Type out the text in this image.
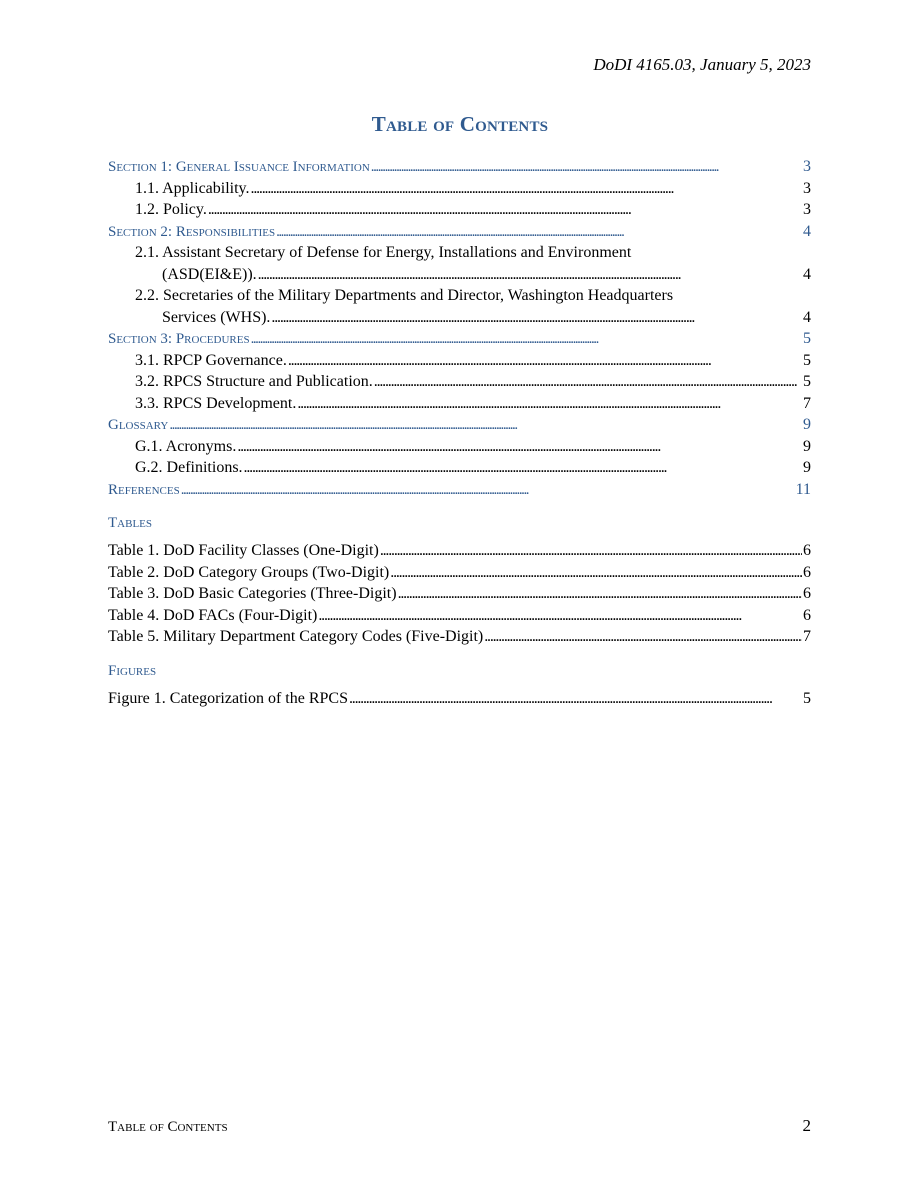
DoDI 4165.03, January 5, 2023
Table of Contents
Section 1: General Issuance Information . . .	3
1.1. Applicability. . . .	3
1.2. Policy. . . .	3
Section 2: Responsibilities . . .	4
2.1. Assistant Secretary of Defense for Energy, Installations and Environment
(ASD(EI&E)). . . .	4
2.2. Secretaries of the Military Departments and Director, Washington Headquarters
Services (WHS). . . .	4
Section 3: Procedures . . .	5
3.1. RPCP Governance. . . .	5
3.2. RPCS Structure and Publication. . . .	5
3.3. RPCS Development. . . .	7
Glossary . . .	9
G.1. Acronyms. . . .	9
G.2. Definitions. . . .	9
References . . .	11
Tables
Table 1. DoD Facility Classes (One-Digit) . . .	6
Table 2. DoD Category Groups (Two-Digit) . . .	6
Table 3. DoD Basic Categories (Three-Digit) . . .	6
Table 4. DoD FACs (Four-Digit) . . .	6
Table 5. Military Department Category Codes (Five-Digit) . . .	7
Figures
Figure 1. Categorization of the RPCS . . .	5
Table of Contents	2
